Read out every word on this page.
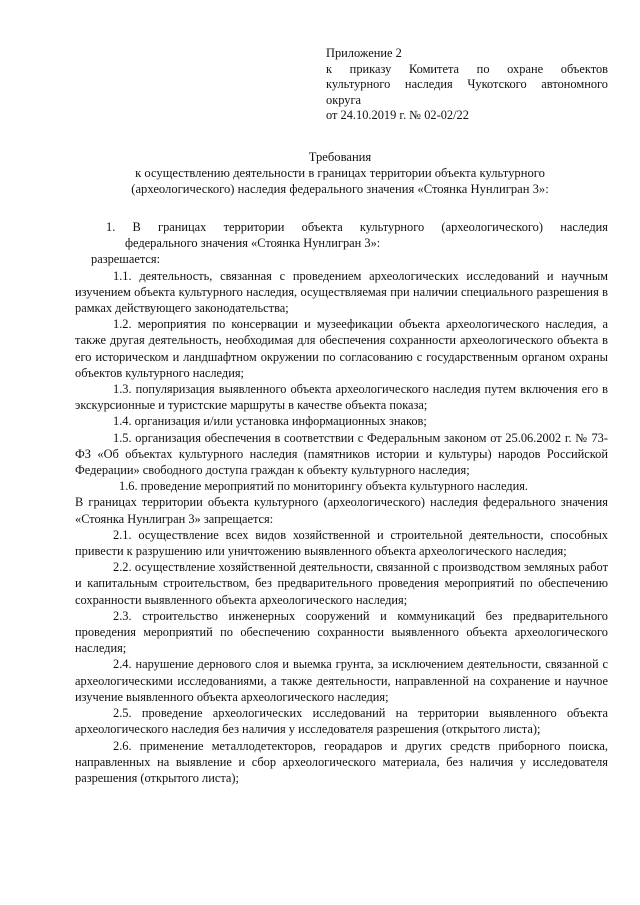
Приложение 2
к приказу Комитета по охране объектов
культурного наследия Чукотского автономного
округа
от 24.10.2019 г. № 02-02/22
Требования
к осуществлению деятельности в границах территории объекта культурного
(археологического) наследия федерального значения «Стоянка Нунлигран 3»:

1. В границах территории объекта культурного (археологического) наследия

федерального значения «Стоянка Нунлигран 3»:

разрешается:

1.1. деятельность, связанная с проведением археологических исследований и научным изучением объекта культурного наследия, осуществляемая при наличии специального разрешения в рамках действующего законодательства;

1.2. мероприятия по консервации и музеефикации объекта археологического наследия, а также другая деятельность, необходимая для обеспечения сохранности археологического объекта в его историческом и ландшафтном окружении по согласованию с государственным органом охраны объектов культурного наследия;

1.3. популяризация выявленного объекта археологического наследия путем включения его в экскурсионные и туристские маршруты в качестве объекта показа;

1.4. организация и/или установка информационных знаков;

1.5. организация обеспечения в соответствии с Федеральным законом от 25.06.2002 г. № 73-ФЗ «Об объектах культурного наследия (памятников истории и культуры) народов Российской Федерации» свободного доступа граждан к объекту культурного наследия;

1.6. проведение мероприятий по мониторингу объекта культурного наследия.

В границах территории объекта культурного (археологического) наследия федерального значения «Стоянка Нунлигран 3» запрещается:

2.1. осуществление всех видов хозяйственной и строительной деятельности, способных привести к разрушению или уничтожению выявленного объекта археологического наследия;

2.2. осуществление хозяйственной деятельности, связанной с производством земляных работ и капитальным строительством, без предварительного проведения мероприятий по обеспечению сохранности выявленного объекта археологического наследия;

2.3. строительство инженерных сооружений и коммуникаций без предварительного проведения мероприятий по обеспечению сохранности выявленного объекта археологического наследия;

2.4. нарушение дернового слоя и выемка грунта, за исключением деятельности, связанной с археологическими исследованиями, а также деятельности, направленной на сохранение и научное изучение выявленного объекта археологического наследия;

2.5. проведение археологических исследований на территории выявленного объекта археологического наследия без наличия у исследователя разрешения (открытого листа);

2.6. применение металлодетекторов, георадаров и других средств приборного поиска, направленных на выявление и сбор археологического материала, без наличия у исследователя разрешения (открытого листа);
